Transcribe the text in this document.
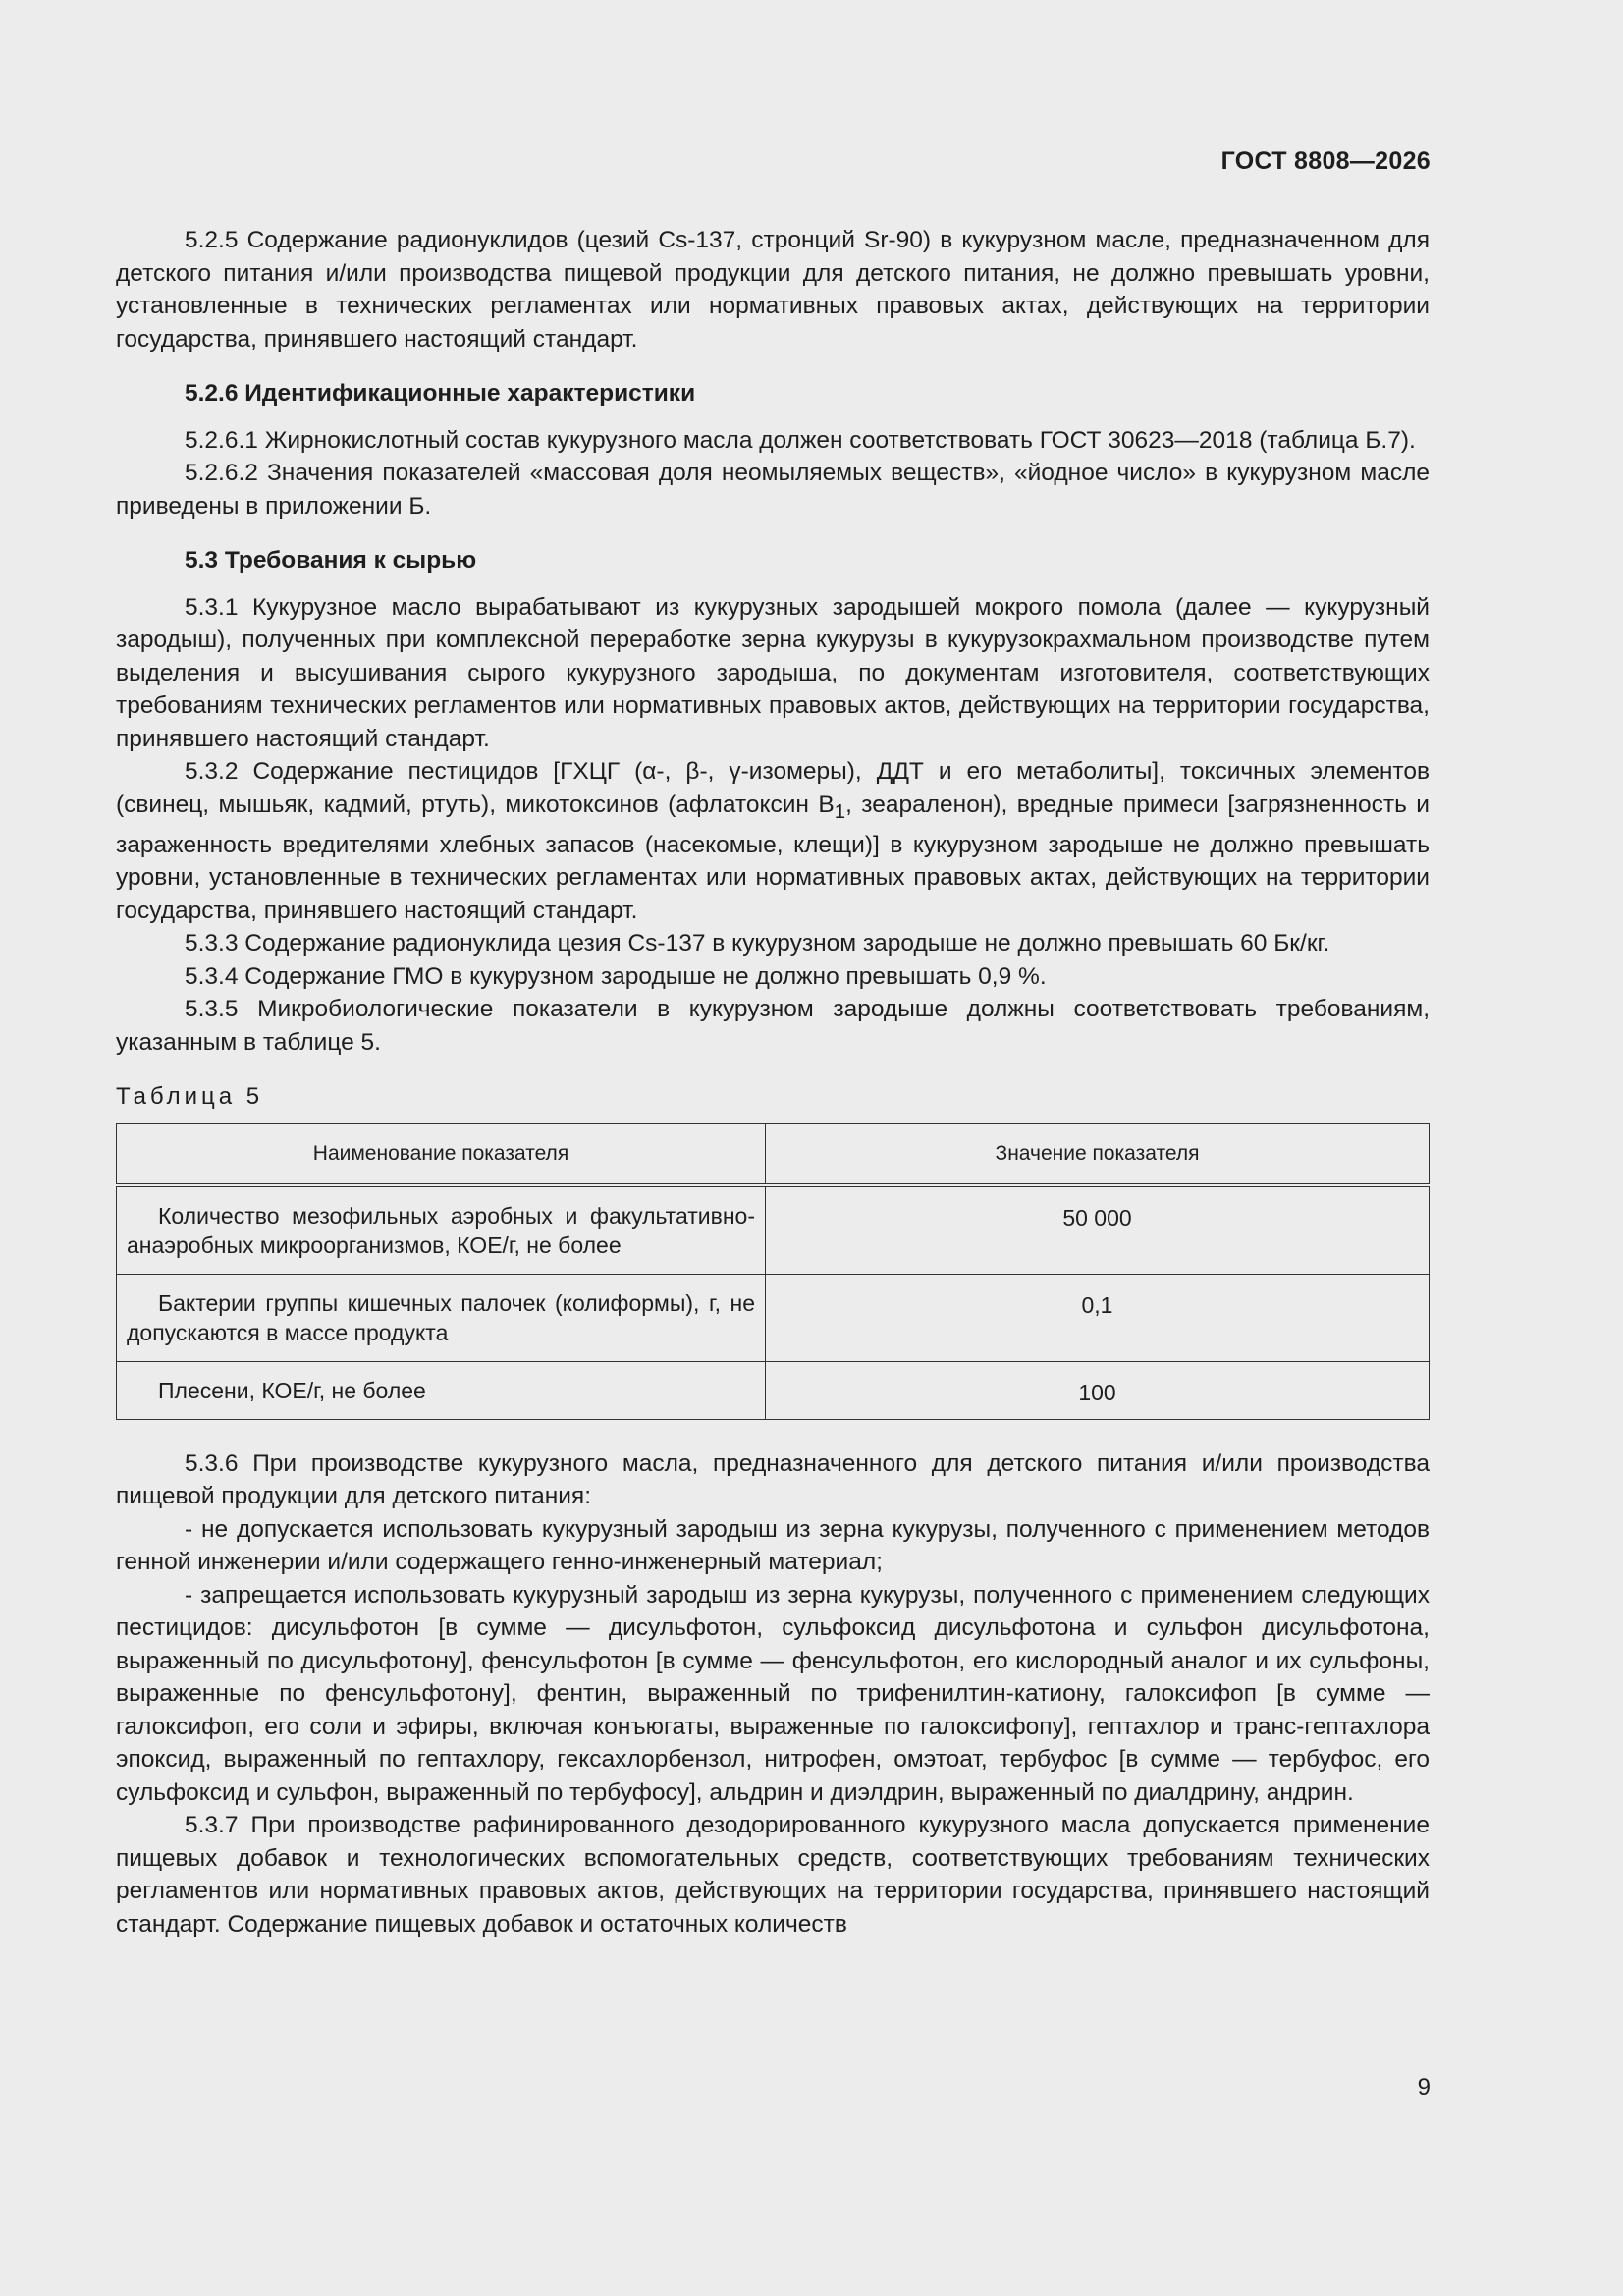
ГОСТ 8808—2026

5.2.5 Содержание радионуклидов (цезий Cs-137, стронций Sr-90) в кукурузном масле, предназначенном для детского питания и/или производства пищевой продукции для детского питания, не должно превышать уровни, установленные в технических регламентах или нормативных правовых актах, действующих на территории государства, принявшего настоящий стандарт.

5.2.6 Идентификационные характеристики

5.2.6.1 Жирнокислотный состав кукурузного масла должен соответствовать ГОСТ 30623—2018 (таблица Б.7).

5.2.6.2 Значения показателей «массовая доля неомыляемых веществ», «йодное число» в кукурузном масле приведены в приложении Б.

5.3 Требования к сырью

5.3.1 Кукурузное масло вырабатывают из кукурузных зародышей мокрого помола (далее — кукурузный зародыш), полученных при комплексной переработке зерна кукурузы в кукурузокрахмальном производстве путем выделения и высушивания сырого кукурузного зародыша, по документам изготовителя, соответствующих требованиям технических регламентов или нормативных правовых актов, действующих на территории государства, принявшего настоящий стандарт.

5.3.2 Содержание пестицидов [ГХЦГ (α-, β-, γ-изомеры), ДДТ и его метаболиты], токсичных элементов (свинец, мышьяк, кадмий, ртуть), микотоксинов (афлатоксин $B_1$, зеараленон), вредные примеси [загрязненность и зараженность вредителями хлебных запасов (насекомые, клещи)] в кукурузном зародыше не должно превышать уровни, установленные в технических регламентах или нормативных правовых актах, действующих на территории государства, принявшего настоящий стандарт.

5.3.3 Содержание радионуклида цезия Cs-137 в кукурузном зародыше не должно превышать 60 Бк/кг.

5.3.4 Содержание ГМО в кукурузном зародыше не должно превышать 0,9 %.

5.3.5 Микробиологические показатели в кукурузном зародыше должны соответствовать требованиям, указанным в таблице 5.

Таблица 5
Наименование показателя	Значение показателя
Количество мезофильных аэробных и факультативно-анаэробных микроорганизмов, КОЕ/г, не более	50 000
Бактерии группы кишечных палочек (колиформы), г, не допускаются в массе продукта	0,1
Плесени, КОЕ/г, не более	100

5.3.6 При производстве кукурузного масла, предназначенного для детского питания и/или производства пищевой продукции для детского питания:

- не допускается использовать кукурузный зародыш из зерна кукурузы, полученного с применением методов генной инженерии и/или содержащего генно-инженерный материал;

- запрещается использовать кукурузный зародыш из зерна кукурузы, полученного с применением следующих пестицидов: дисульфотон [в сумме — дисульфотон, сульфоксид дисульфотона и сульфон дисульфотона, выраженный по дисульфотону], фенсульфотон [в сумме — фенсульфотон, его кислородный аналог и их сульфоны, выраженные по фенсульфотону], фентин, выраженный по трифенилтин-катиону, галоксифоп [в сумме — галоксифоп, его соли и эфиры, включая конъюгаты, выраженные по галоксифопу], гептахлор и транс-гептахлора эпоксид, выраженный по гептахлору, гексахлорбензол, нитрофен, омэтоат, тербуфос [в сумме — тербуфос, его сульфоксид и сульфон, выраженный по тербуфосу], альдрин и диэлдрин, выраженный по диалдрину, андрин.

5.3.7 При производстве рафинированного дезодорированного кукурузного масла допускается применение пищевых добавок и технологических вспомогательных средств, соответствующих требованиям технических регламентов или нормативных правовых актов, действующих на территории государства, принявшего настоящий стандарт. Содержание пищевых добавок и остаточных количеств

9
